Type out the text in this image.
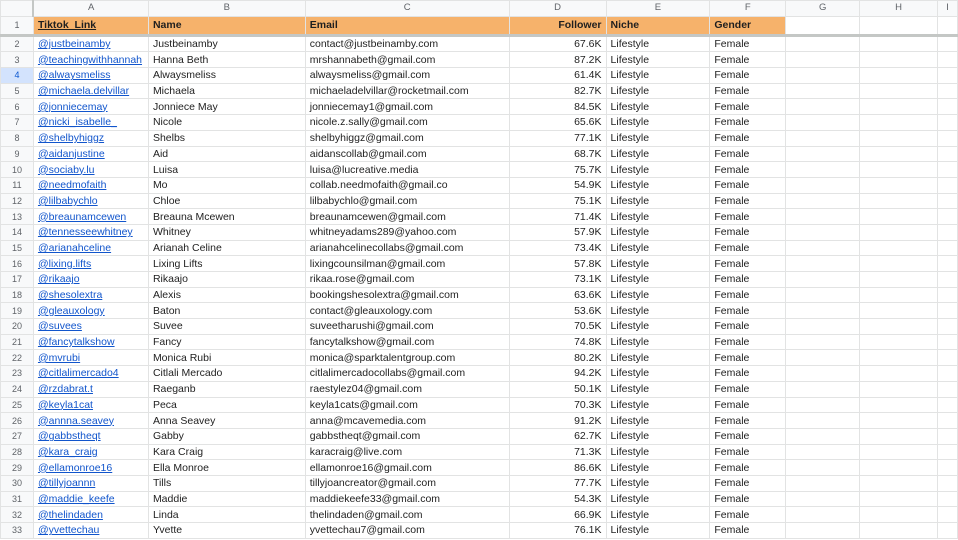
	A	B	C	D	E	F	G	H	I
1	Tiktok_Link	Name	Email	Follower	Niche	Gender			
2	@justbeinamby	Justbeinamby	contact@justbeinamby.com	67.6K	Lifestyle	Female			
3	@teachingwithhannah	Hanna Beth	mrshannabeth@gmail.com	87.2K	Lifestyle	Female			
4	@alwaysmeliss	Alwaysmeliss	alwaysmeliss@gmail.com	61.4K	Lifestyle	Female			
5	@michaela.delvillar	Michaela	michaeladelvillar@rocketmail.com	82.7K	Lifestyle	Female			
6	@jonniecemay	Jonniece May	jonniecemay1@gmail.com	84.5K	Lifestyle	Female			
7	@nicki_isabelle_	Nicole	nicole.z.sally@gmail.com	65.6K	Lifestyle	Female			
8	@shelbyhiggz	Shelbs	shelbyhiggz@gmail.com	77.1K	Lifestyle	Female			
9	@aidanjustine	Aid	aidanscollab@gmail.com	68.7K	Lifestyle	Female			
10	@sociaby.lu	Luisa	luisa@lucreative.media	75.7K	Lifestyle	Female			
11	@needmofaith	Mo	collab.needmofaith@gmail.co	54.9K	Lifestyle	Female			
12	@lilbabychlo	Chloe	lilbabychlo@gmail.com	75.1K	Lifestyle	Female			
13	@breaunamcewen	Breauna Mcewen	breaunamcewen@gmail.com	71.4K	Lifestyle	Female			
14	@tennesseewhitney	Whitney	whitneyadams289@yahoo.com	57.9K	Lifestyle	Female			
15	@arianahceline	Arianah Celine	arianahcelinecollabs@gmail.com	73.4K	Lifestyle	Female			
16	@lixing.lifts	Lixing Lifts	lixingcounsilman@gmail.com	57.8K	Lifestyle	Female			
17	@rikaajo	Rikaajo	rikaa.rose@gmail.com	73.1K	Lifestyle	Female			
18	@shesolextra	Alexis	bookingshesolextra@gmail.com	63.6K	Lifestyle	Female			
19	@gleauxology	Baton	contact@gleauxology.com	53.6K	Lifestyle	Female			
20	@suvees	Suvee	suveetharushi@gmail.com	70.5K	Lifestyle	Female			
21	@fancytalkshow	Fancy	fancytalkshow@gmail.com	74.8K	Lifestyle	Female			
22	@mvrubi	Monica Rubi	monica@sparktalentgroup.com	80.2K	Lifestyle	Female			
23	@citlalimercado4	Citlali Mercado	citlalimercadocollabs@gmail.com	94.2K	Lifestyle	Female			
24	@rzdabrat.t	Raeganb	raestylez04@gmail.com	50.1K	Lifestyle	Female			
25	@keyla1cat	Peca	keyla1cats@gmail.com	70.3K	Lifestyle	Female			
26	@annna.seavey	Anna Seavey	anna@mcavemedia.com	91.2K	Lifestyle	Female			
27	@gabbstheqt	Gabby	gabbstheqt@gmail.com	62.7K	Lifestyle	Female			
28	@kara_craig	Kara Craig	karacraig@live.com	71.3K	Lifestyle	Female			
29	@ellamonroe16	Ella Monroe	ellamonroe16@gmail.com	86.6K	Lifestyle	Female			
30	@tillyjoannn	Tills	tillyjoancreator@gmail.com	77.7K	Lifestyle	Female			
31	@maddie_keefe	Maddie	maddiekeefe33@gmail.com	54.3K	Lifestyle	Female			
32	@thelindaden	Linda	thelindaden@gmail.com	66.9K	Lifestyle	Female			
33	@yvettechau	Yvette	yvettechau7@gmail.com	76.1K	Lifestyle	Female			
